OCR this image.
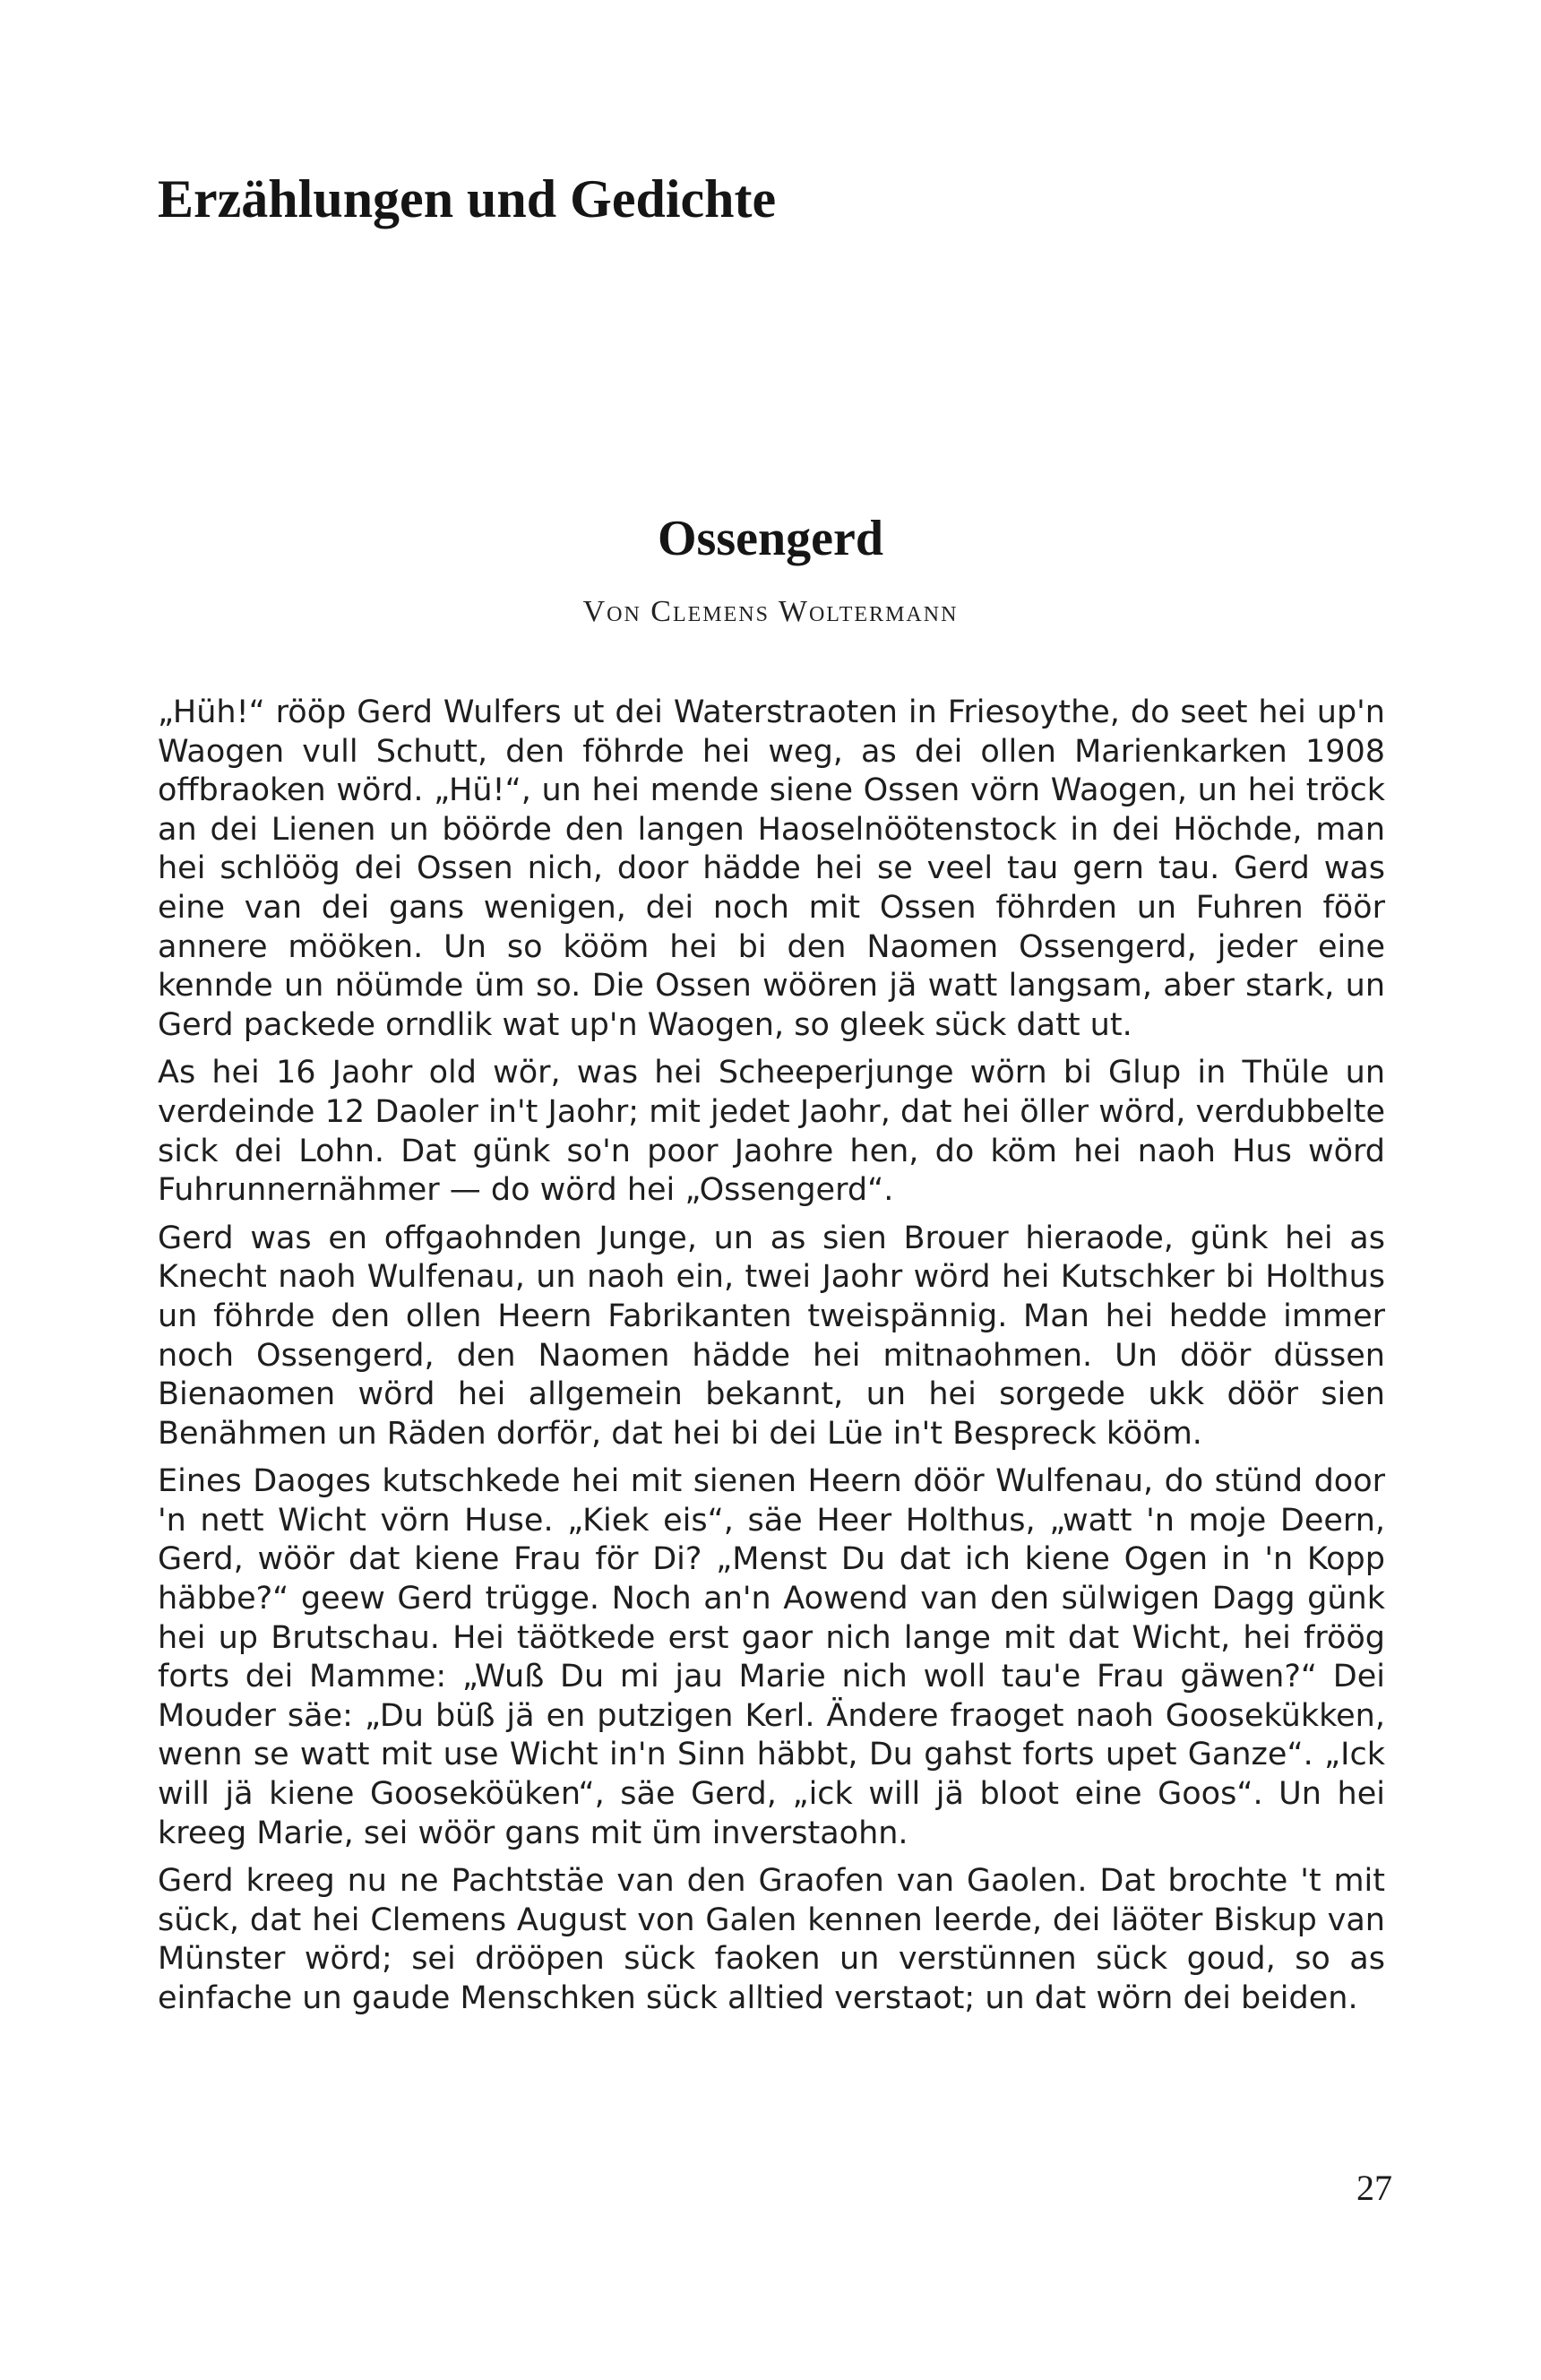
Erzählungen und Gedichte
Ossengerd
Von Clemens Woltermann

„Hüh!“ rööp Gerd Wulfers ut dei Waterstraoten in Friesoythe, do seet hei up'n Waogen vull Schutt, den föhrde hei weg, as dei ollen Marienkarken 1908 offbraoken wörd. „Hü!“, un hei mende siene Ossen vörn Waogen, un hei tröck an dei Lienen un böörde den langen Haoselnöötenstock in dei Höchde, man hei schlöög dei Ossen nich, door hädde hei se veel tau gern tau. Gerd was eine van dei gans wenigen, dei noch mit Ossen föhrden un Fuhren föör annere mööken. Un so kööm hei bi den Naomen Ossengerd, jeder eine kennde un nöümde üm so. Die Ossen wöören jä watt langsam, aber stark, un Gerd packede orndlik wat up'n Waogen, so gleek sück datt ut.

As hei 16 Jaohr old wör, was hei Scheeperjunge wörn bi Glup in Thüle un verdeinde 12 Daoler in't Jaohr; mit jedet Jaohr, dat hei öller wörd, verdubbelte sick dei Lohn. Dat günk so'n poor Jaohre hen, do köm hei naoh Hus wörd Fuhrunnernähmer — do wörd hei „Ossengerd“.

Gerd was en offgaohnden Junge, un as sien Brouer hieraode, günk hei as Knecht naoh Wulfenau, un naoh ein, twei Jaohr wörd hei Kutschker bi Holthus un föhrde den ollen Heern Fabrikanten tweispännig. Man hei hedde immer noch Ossengerd, den Naomen hädde hei mitnaohmen. Un döör düssen Bienaomen wörd hei allgemein bekannt, un hei sorgede ukk döör sien Benähmen un Räden dorför, dat hei bi dei Lüe in't Bespreck kööm.

Eines Daoges kutschkede hei mit sienen Heern döör Wulfenau, do stünd door 'n nett Wicht vörn Huse. „Kiek eis“, säe Heer Holthus, „watt 'n moje Deern, Gerd, wöör dat kiene Frau för Di? „Menst Du dat ich kiene Ogen in 'n Kopp häbbe?“ geew Gerd trügge. Noch an'n Aowend van den sülwigen Dagg günk hei up Brutschau. Hei täötkede erst gaor nich lange mit dat Wicht, hei fröög forts dei Mamme: „Wuß Du mi jau Marie nich woll tau'e Frau gäwen?“ Dei Mouder säe: „Du büß jä en putzigen Kerl. Ändere fraoget naoh Goosekükken, wenn se watt mit use Wicht in'n Sinn häbbt, Du gahst forts upet Ganze“. „Ick will jä kiene Gooseköüken“, säe Gerd, „ick will jä bloot eine Goos“. Un hei kreeg Marie, sei wöör gans mit üm inverstaohn.

Gerd kreeg nu ne Pachtstäe van den Graofen van Gaolen. Dat brochte 't mit sück, dat hei Clemens August von Galen kennen leerde, dei läöter Biskup van Münster wörd; sei drööpen sück faoken un verstünnen sück goud, so as einfache un gaude Menschken sück alltied verstaot; un dat wörn dei beiden.

27
